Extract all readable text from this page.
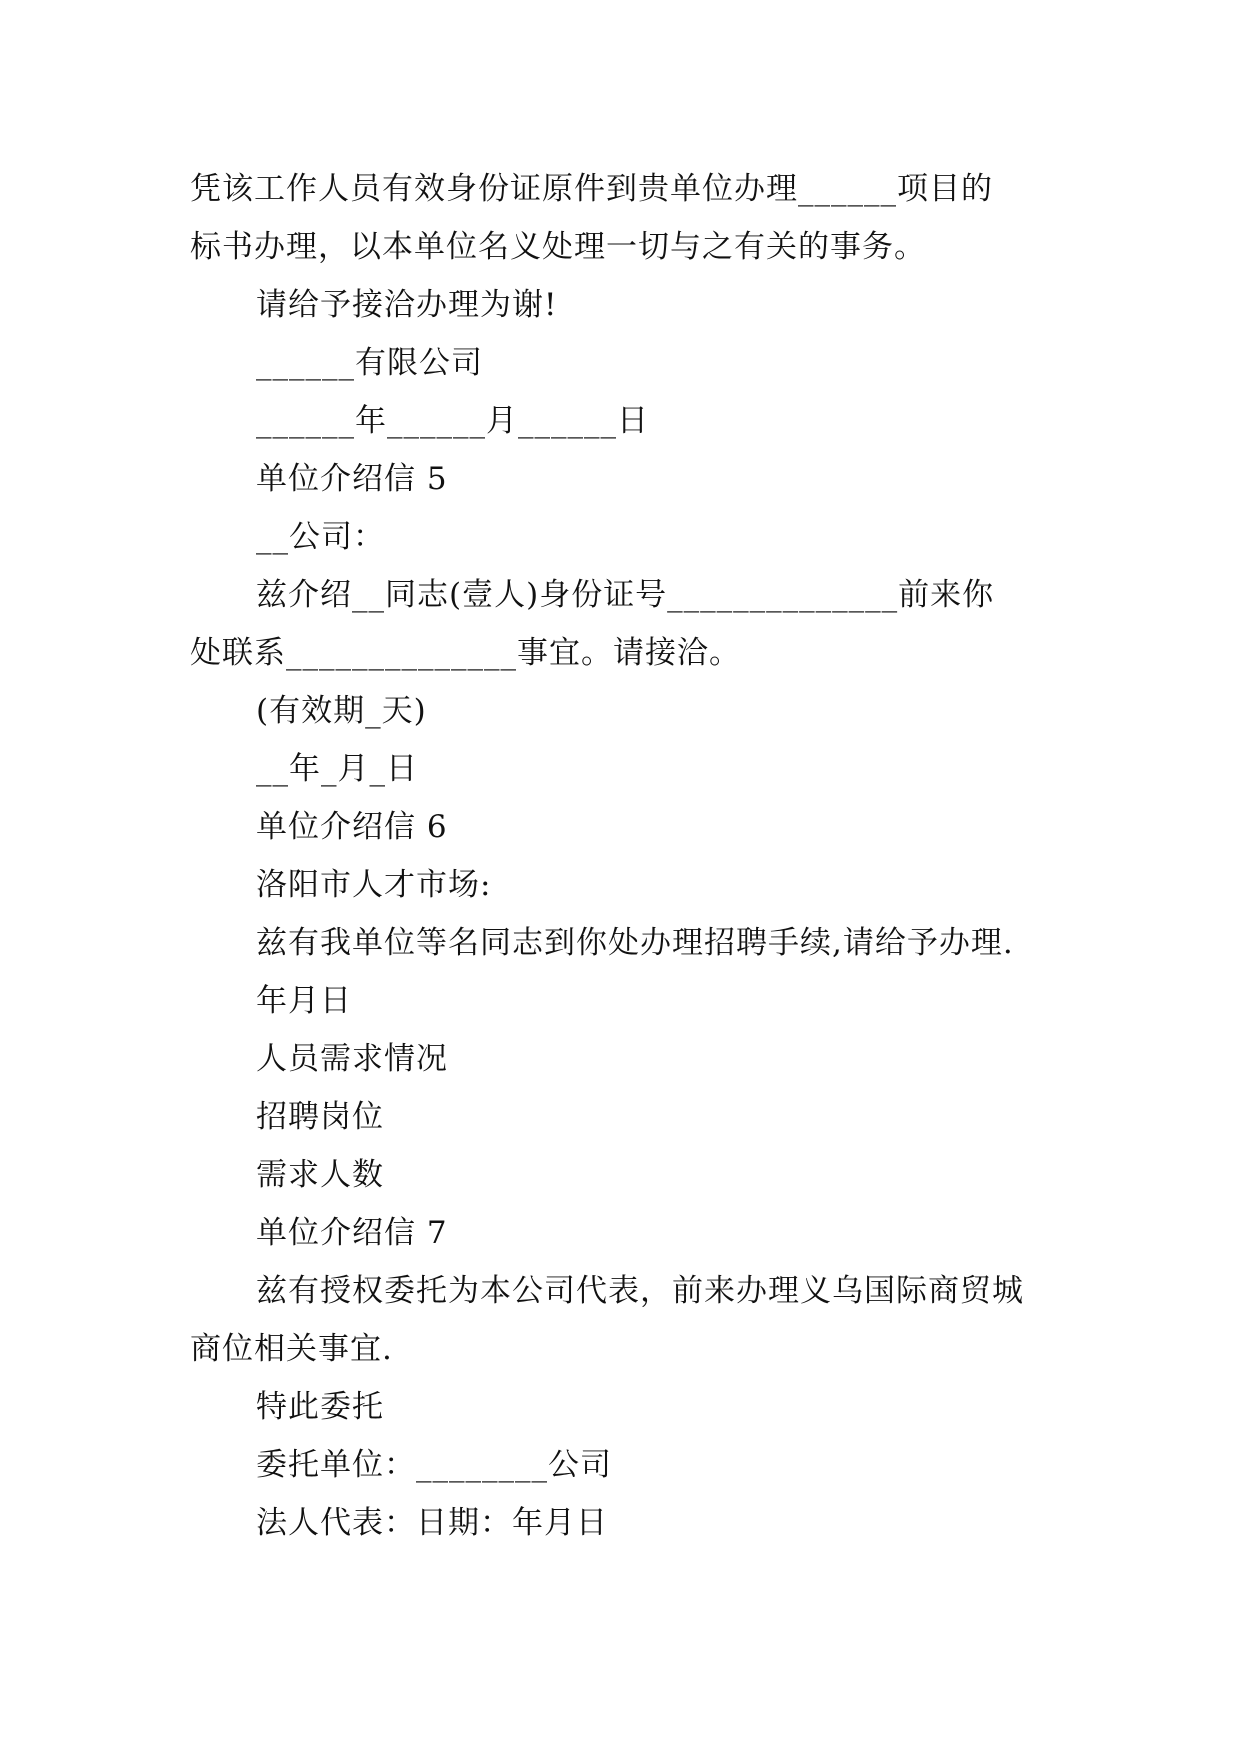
凭该工作人员有效身份证原件到贵单位办理______项目的
标书办理，以本单位名义处理一切与之有关的事务。
请给予接洽办理为谢!
______有限公司
______年______月______日
单位介绍信 5
__公司：
兹介绍__同志(壹人)身份证号______________前来你
处联系______________事宜。请接洽。
(有效期_天)
__年_月_日
单位介绍信 6
洛阳市人才市场:
兹有我单位等名同志到你处办理招聘手续,请给予办理.
年月日
人员需求情况
招聘岗位
需求人数
单位介绍信 7
兹有授权委托为本公司代表，前来办理义乌国际商贸城
商位相关事宜.
特此委托
委托单位：________公司
法人代表：日期：年月日
